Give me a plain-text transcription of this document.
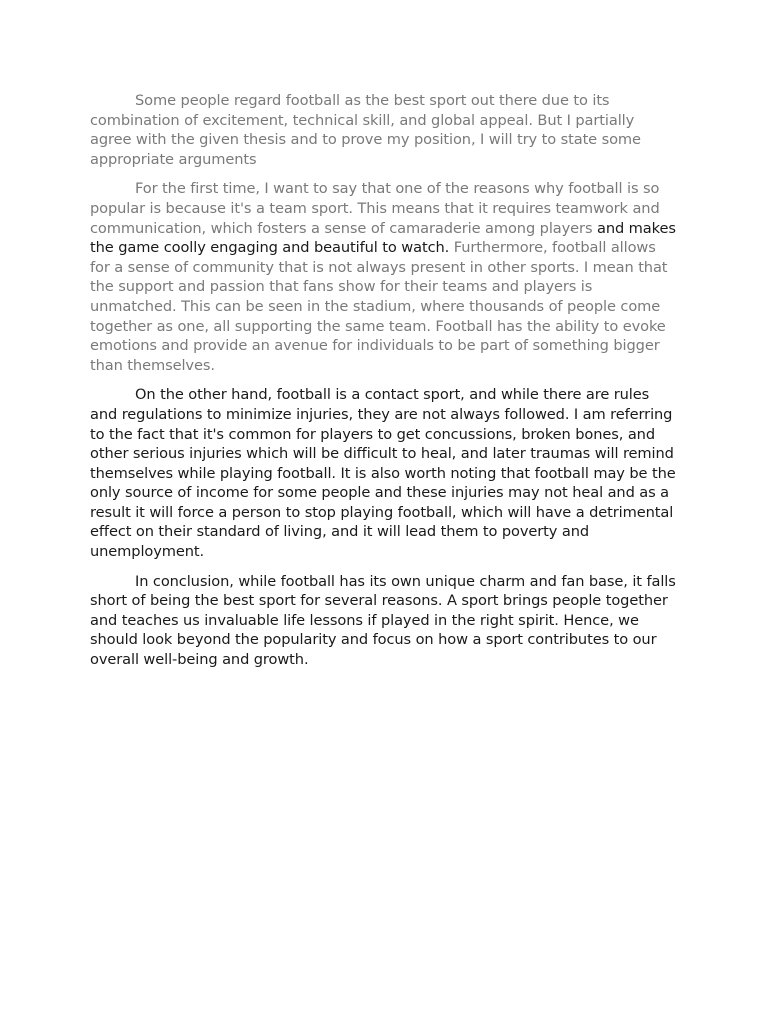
Some people regard football as the best sport out there due to its combination of excitement, technical skill, and global appeal. But I partially agree with the given thesis and to prove my position, I will try to state some appropriate arguments

For the first time, I want to say that one of the reasons why football is so popular is because it's a team sport. This means that it requires teamwork and communication, which fosters a sense of camaraderie among players and makes the game coolly engaging and beautiful to watch. Furthermore, football allows for a sense of community that is not always present in other sports. I mean that the support and passion that fans show for their teams and players is unmatched. This can be seen in the stadium, where thousands of people come together as one, all supporting the same team. Football has the ability to evoke emotions and provide an avenue for individuals to be part of something bigger than themselves.

On the other hand, football is a contact sport, and while there are rules and regulations to minimize injuries, they are not always followed. I am referring to the fact that it's common for players to get concussions, broken bones, and other serious injuries which will be difficult to heal, and later traumas will remind themselves while playing football. It is also worth noting that football may be the only source of income for some people and these injuries may not heal and as a result it will force a person to stop playing football, which will have a detrimental effect on their standard of living, and it will lead them to poverty and unemployment.

In conclusion, while football has its own unique charm and fan base, it falls short of being the best sport for several reasons. A sport brings people together and teaches us invaluable life lessons if played in the right spirit. Hence, we should look beyond the popularity and focus on how a sport contributes to our overall well-being and growth.
